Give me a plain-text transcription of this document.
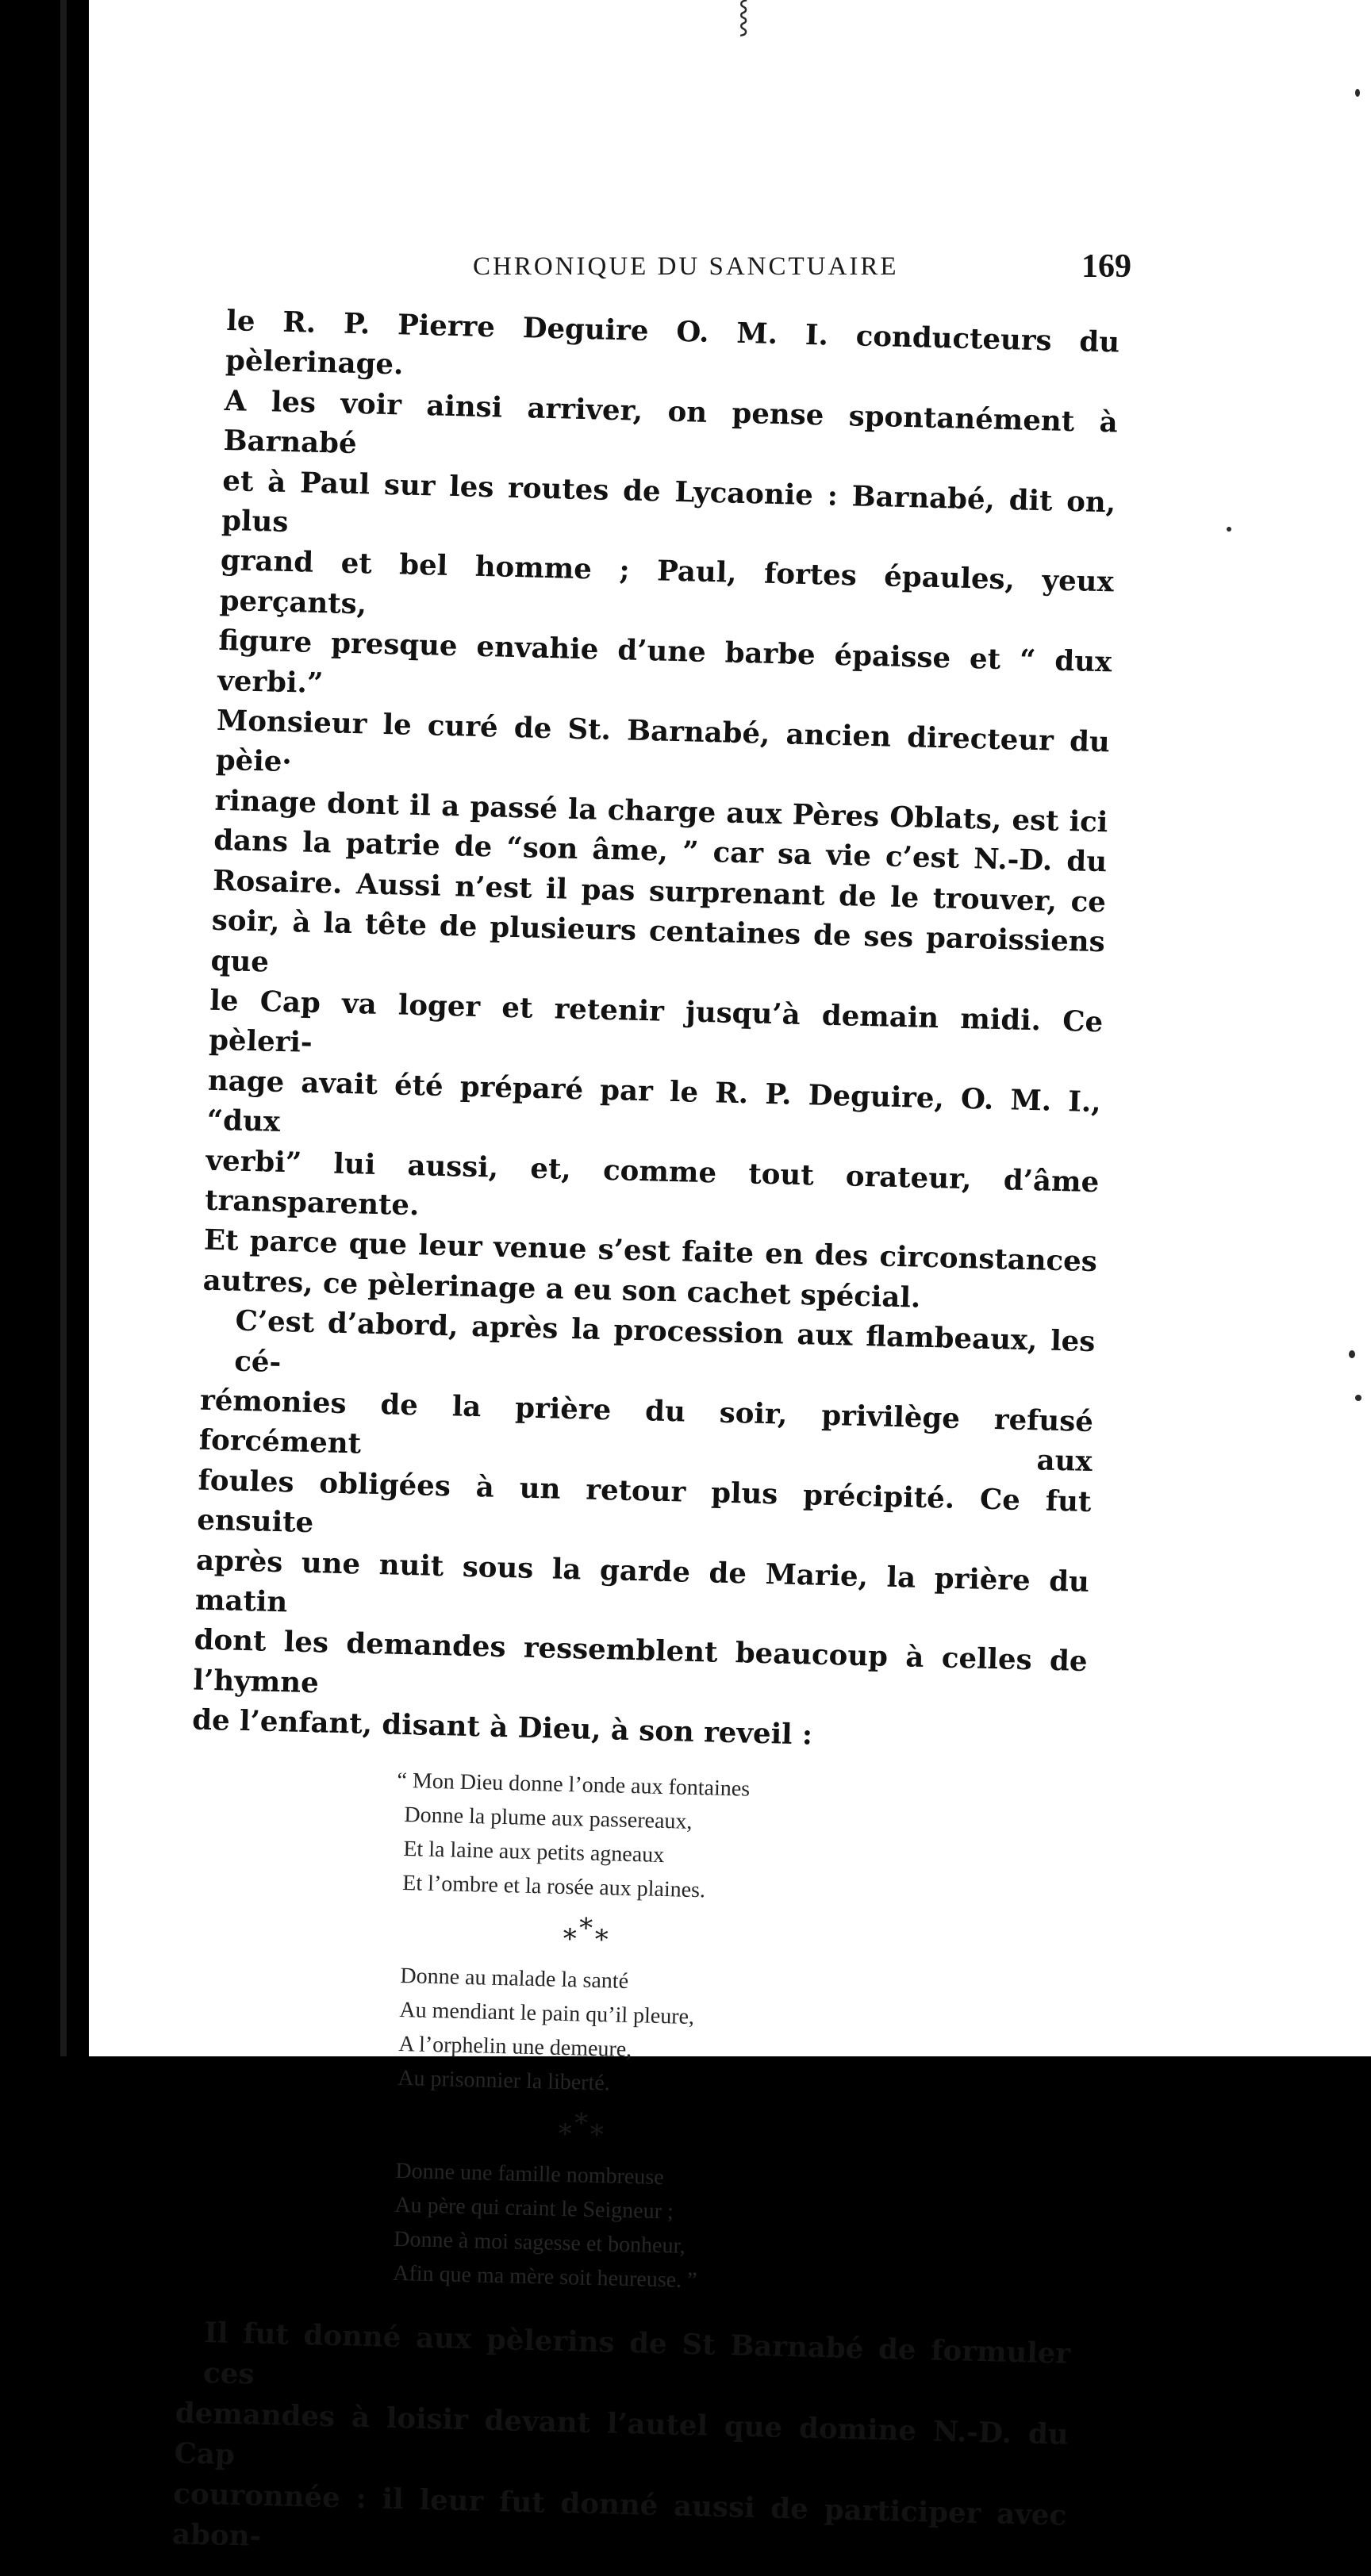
⸾
CHRONIQUE DU SANCTUAIRE	169

le R. P. Pierre Deguire O. M. I. conducteurs du pèlerinage.
A les voir ainsi arriver, on pense spontanément à Barnabé
et à Paul sur les routes de Lycaonie : Barnabé, dit on, plus
grand et bel homme ; Paul, fortes épaules, yeux perçants,
figure presque envahie d’une barbe épaisse et “ dux verbi.”
Monsieur le curé de St. Barnabé, ancien directeur du pèie·
rinage dont il a passé la charge aux Pères Oblats, est ici
dans la patrie de “son âme, ” car sa vie c’est N.-D. du
Rosaire. Aussi n’est il pas surprenant de le trouver, ce
soir, à la tête de plusieurs centaines de ses paroissiens que
le Cap va loger et retenir jusqu’à demain midi. Ce pèleri-
nage avait été préparé par le R. P. Deguire, O. M. I., “dux
verbi” lui aussi, et, comme tout orateur, d’âme transparente.
Et parce que leur venue s’est faite en des circonstances
autres, ce pèlerinage a eu son cachet spécial.

C’est d’abord, après la procession aux flambeaux, les cé-
rémonies de la prière du soir, privilège refusé forcément aux
foules obligées à un retour plus précipité. Ce fut ensuite
après une nuit sous la garde de Marie, la prière du matin
dont les demandes ressemblent beaucoup à celles de l’hymne
de l’enfant, disant à Dieu, à son reveil :

“ Mon Dieu donne l’onde aux fontaines
Donne la plume aux passereaux,
Et la laine aux petits agneaux
Et l’ombre et la rosée aux plaines.
* * *
Donne au malade la santé
Au mendiant le pain qu’il pleure,
A l’orphelin une demeure,
Au prisonnier la liberté.
* * *
Donne une famille nombreuse
Au père qui craint le Seigneur ;
Donne à moi sagesse et bonheur,
Afin que ma mère soit heureuse. ”

Il fut donné aux pèlerins de St Barnabé de formuler ces
demandes à loisir devant l’autel que domine N.-D. du Cap
couronnée : il leur fut donné aussi de participer avec abon-
